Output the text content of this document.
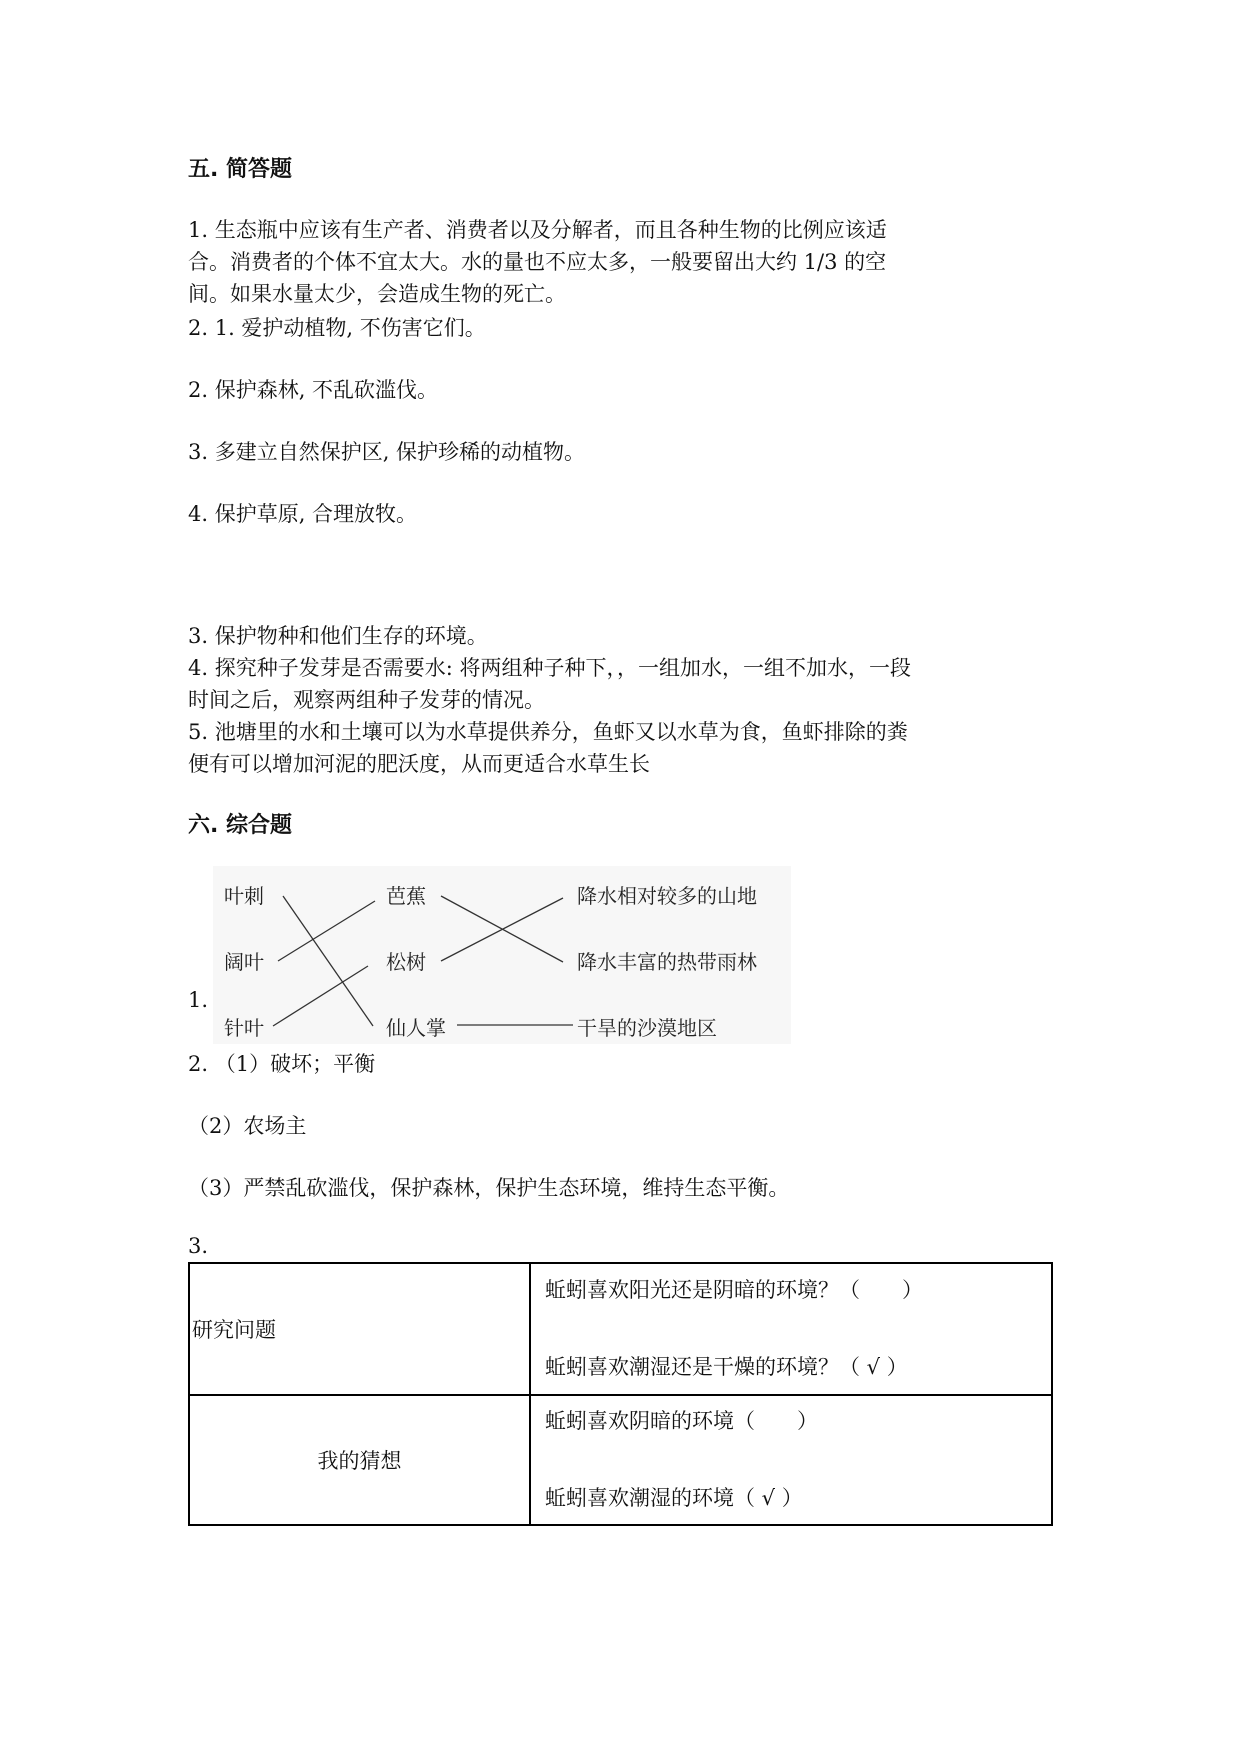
五. 简答题
1. 生态瓶中应该有生产者、消费者以及分解者，而且各种生物的比例应该适
合。消费者的个体不宜太大。水的量也不应太多，一般要留出大约 1/3 的空
间。如果水量太少，会造成生物的死亡。
2. 1. 爱护动植物, 不伤害它们。
2. 保护森林, 不乱砍滥伐。
3. 多建立自然保护区, 保护珍稀的动植物。
4. 保护草原, 合理放牧。
3. 保护物种和他们生存的环境。
4. 探究种子发芽是否需要水: 将两组种子种下，，一组加水，一组不加水，一段
时间之后，观察两组种子发芽的情况。
5. 池塘里的水和土壤可以为水草提供养分，鱼虾又以水草为食，鱼虾排除的粪
便有可以增加河泥的肥沃度，从而更适合水草生长
六. 综合题
1.
叶刺
阔叶
针叶
芭蕉
松树
仙人掌
降水相对较多的山地
降水丰富的热带雨林
干旱的沙漠地区
2. （1）破坏；平衡
（2）农场主
（3）严禁乱砍滥伐，保护森林，保护生态环境，维持生态平衡。
3.
研究问题	蚯蚓喜欢阳光还是阴暗的环境？（　　）
蚯蚓喜欢潮湿还是干燥的环境？（ √ ）

我的猜想	蚯蚓喜欢阴暗的环境（　　）
蚯蚓喜欢潮湿的环境（ √ ）
